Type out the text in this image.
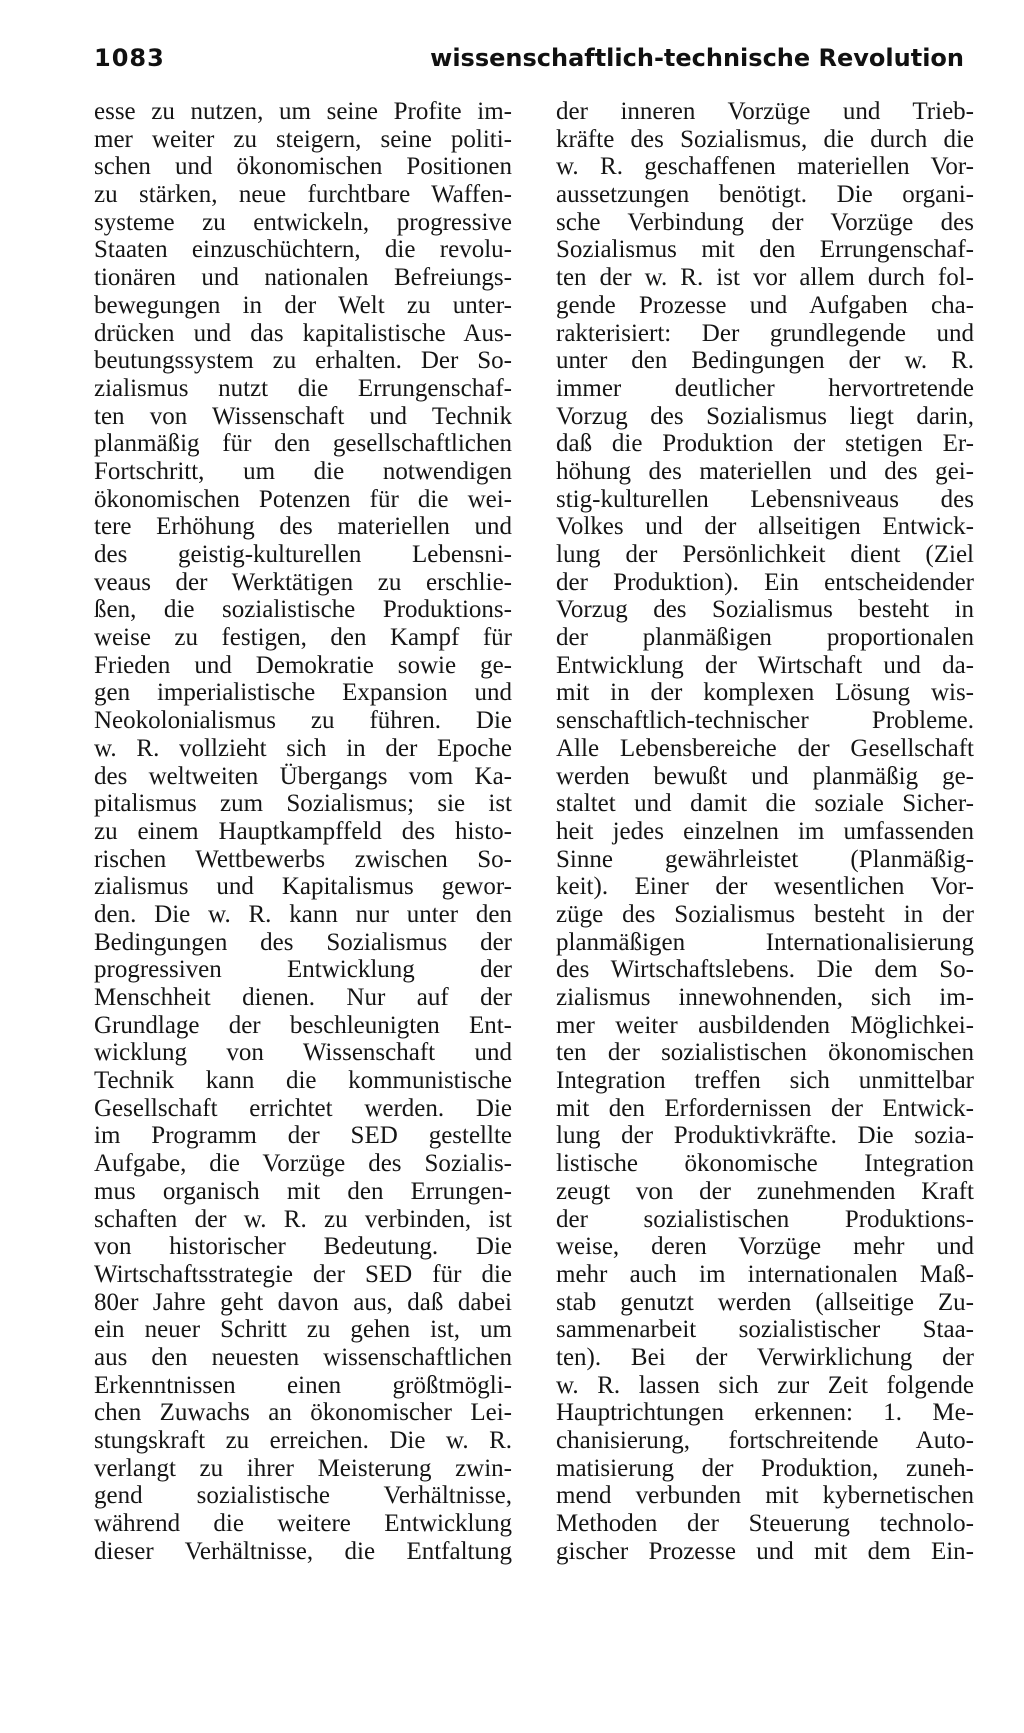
1083	wissenschaftlich-technische Revolution
esse zu nutzen, um seine Profite im-
mer weiter zu steigern, seine politi-
schen und ökonomischen Positionen
zu stärken, neue furchtbare Waffen-
systeme zu entwickeln, progressive
Staaten einzuschüchtern, die revolu-
tionären und nationalen Befreiungs-
bewegungen in der Welt zu unter-
drücken und das kapitalistische Aus-
beutungssystem zu erhalten. Der So-
zialismus nutzt die Errungenschaf-
ten von Wissenschaft und Technik
planmäßig für den gesellschaftlichen
Fortschritt, um die notwendigen
ökonomischen Potenzen für die wei-
tere Erhöhung des materiellen und
des geistig-kulturellen Lebensni-
veaus der Werktätigen zu erschlie-
ßen, die sozialistische Produktions-
weise zu festigen, den Kampf für
Frieden und Demokratie sowie ge-
gen imperialistische Expansion und
Neokolonialismus zu führen. Die
w. R. vollzieht sich in der Epoche
des weltweiten Übergangs vom Ka-
pitalismus zum Sozialismus; sie ist
zu einem Hauptkampffeld des histo-
rischen Wettbewerbs zwischen So-
zialismus und Kapitalismus gewor-
den. Die w. R. kann nur unter den
Bedingungen des Sozialismus der
progressiven Entwicklung der
Menschheit dienen. Nur auf der
Grundlage der beschleunigten Ent-
wicklung von Wissenschaft und
Technik kann die kommunistische
Gesellschaft errichtet werden. Die
im Programm der SED gestellte
Aufgabe, die Vorzüge des Sozialis-
mus organisch mit den Errungen-
schaften der w. R. zu verbinden, ist
von historischer Bedeutung. Die
Wirtschaftsstrategie der SED für die
80er Jahre geht davon aus, daß dabei
ein neuer Schritt zu gehen ist, um
aus den neuesten wissenschaftlichen
Erkenntnissen einen größtmögli-
chen Zuwachs an ökonomischer Lei-
stungskraft zu erreichen. Die w. R.
verlangt zu ihrer Meisterung zwin-
gend sozialistische Verhältnisse,
während die weitere Entwicklung
dieser Verhältnisse, die Entfaltung
der inneren Vorzüge und Trieb-
kräfte des Sozialismus, die durch die
w. R. geschaffenen materiellen Vor-
aussetzungen benötigt. Die organi-
sche Verbindung der Vorzüge des
Sozialismus mit den Errungenschaf-
ten der w. R. ist vor allem durch fol-
gende Prozesse und Aufgaben cha-
rakterisiert: Der grundlegende und
unter den Bedingungen der w. R.
immer deutlicher hervortretende
Vorzug des Sozialismus liegt darin,
daß die Produktion der stetigen Er-
höhung des materiellen und des gei-
stig-kulturellen Lebensniveaus des
Volkes und der allseitigen Entwick-
lung der Persönlichkeit dient (Ziel
der Produktion). Ein entscheidender
Vorzug des Sozialismus besteht in
der planmäßigen proportionalen
Entwicklung der Wirtschaft und da-
mit in der komplexen Lösung wis-
senschaftlich-technischer Probleme.
Alle Lebensbereiche der Gesellschaft
werden bewußt und planmäßig ge-
staltet und damit die soziale Sicher-
heit jedes einzelnen im umfassenden
Sinne gewährleistet (Planmäßig-
keit). Einer der wesentlichen Vor-
züge des Sozialismus besteht in der
planmäßigen Internationalisierung
des Wirtschaftslebens. Die dem So-
zialismus innewohnenden, sich im-
mer weiter ausbildenden Möglichkei-
ten der sozialistischen ökonomischen
Integration treffen sich unmittelbar
mit den Erfordernissen der Entwick-
lung der Produktivkräfte. Die sozia-
listische ökonomische Integration
zeugt von der zunehmenden Kraft
der sozialistischen Produktions-
weise, deren Vorzüge mehr und
mehr auch im internationalen Maß-
stab genutzt werden (allseitige Zu-
sammenarbeit sozialistischer Staa-
ten). Bei der Verwirklichung der
w. R. lassen sich zur Zeit folgende
Hauptrichtungen erkennen: 1. Me-
chanisierung, fortschreitende Auto-
matisierung der Produktion, zuneh-
mend verbunden mit kybernetischen
Methoden der Steuerung technolo-
gischer Prozesse und mit dem Ein-
